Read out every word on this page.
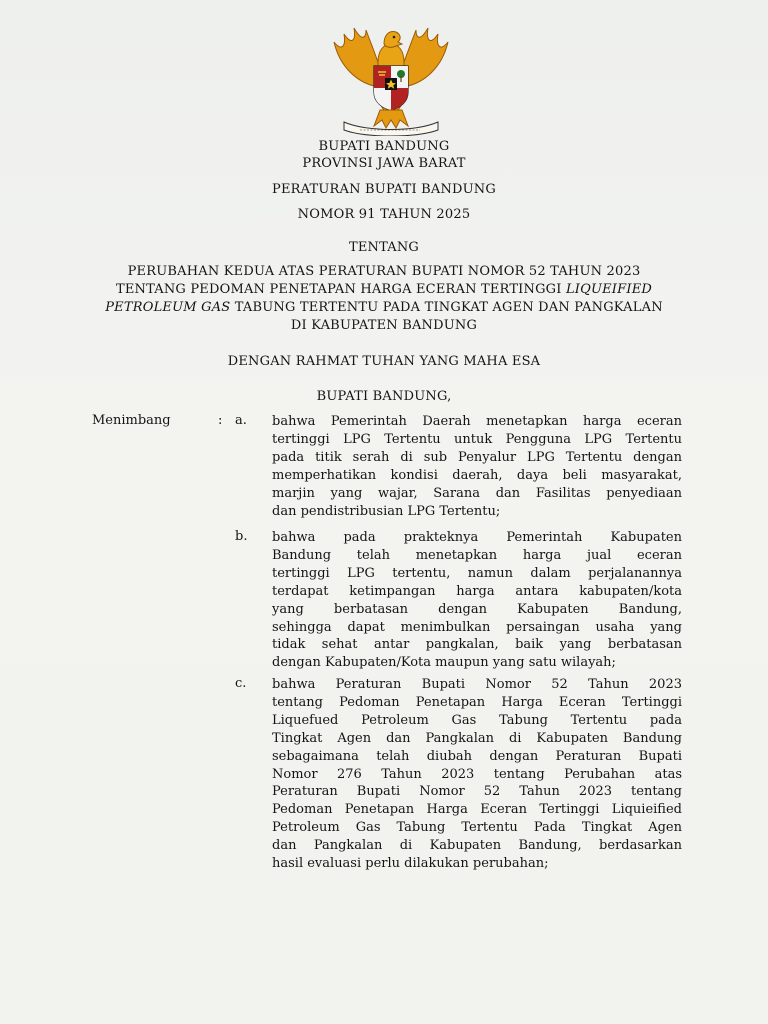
BUPATI BANDUNG
PROVINSI JAWA BARAT
PERATURAN BUPATI BANDUNG
NOMOR 91 TAHUN 2025
TENTANG
PERUBAHAN KEDUA ATAS PERATURAN BUPATI NOMOR 52 TAHUN 2023
TENTANG PEDOMAN PENETAPAN HARGA ECERAN TERTINGGI LIQUEIFIED
PETROLEUM GAS TABUNG TERTENTU PADA TINGKAT AGEN DAN PANGKALAN
DI KABUPATEN BANDUNG
DENGAN RAHMAT TUHAN YANG MAHA ESA
BUPATI BANDUNG,
Menimbang	: a. bahwa Pemerintah Daerah menetapkan harga eceran
tertinggi LPG Tertentu untuk Pengguna LPG Tertentu
pada titik serah di sub Penyalur LPG Tertentu dengan
memperhatikan kondisi daerah, daya beli masyarakat,
marjin yang wajar, Sarana dan Fasilitas penyediaan
dan pendistribusian LPG Tertentu;
b. bahwa pada prakteknya Pemerintah Kabupaten
Bandung telah menetapkan harga jual eceran
tertinggi LPG tertentu, namun dalam perjalanannya
terdapat ketimpangan harga antara kabupaten/kota
yang berbatasan dengan Kabupaten Bandung,
sehingga dapat menimbulkan persaingan usaha yang
tidak sehat antar pangkalan, baik yang berbatasan
dengan Kabupaten/Kota maupun yang satu wilayah;
c. bahwa Peraturan Bupati Nomor 52 Tahun 2023
tentang Pedoman Penetapan Harga Eceran Tertinggi
Liquefued Petroleum Gas Tabung Tertentu pada
Tingkat Agen dan Pangkalan di Kabupaten Bandung
sebagaimana telah diubah dengan Peraturan Bupati
Nomor 276 Tahun 2023 tentang Perubahan atas
Peraturan Bupati Nomor 52 Tahun 2023 tentang
Pedoman Penetapan Harga Eceran Tertinggi Liquieified
Petroleum Gas Tabung Tertentu Pada Tingkat Agen
dan Pangkalan di Kabupaten Bandung, berdasarkan
hasil evaluasi perlu dilakukan perubahan;
